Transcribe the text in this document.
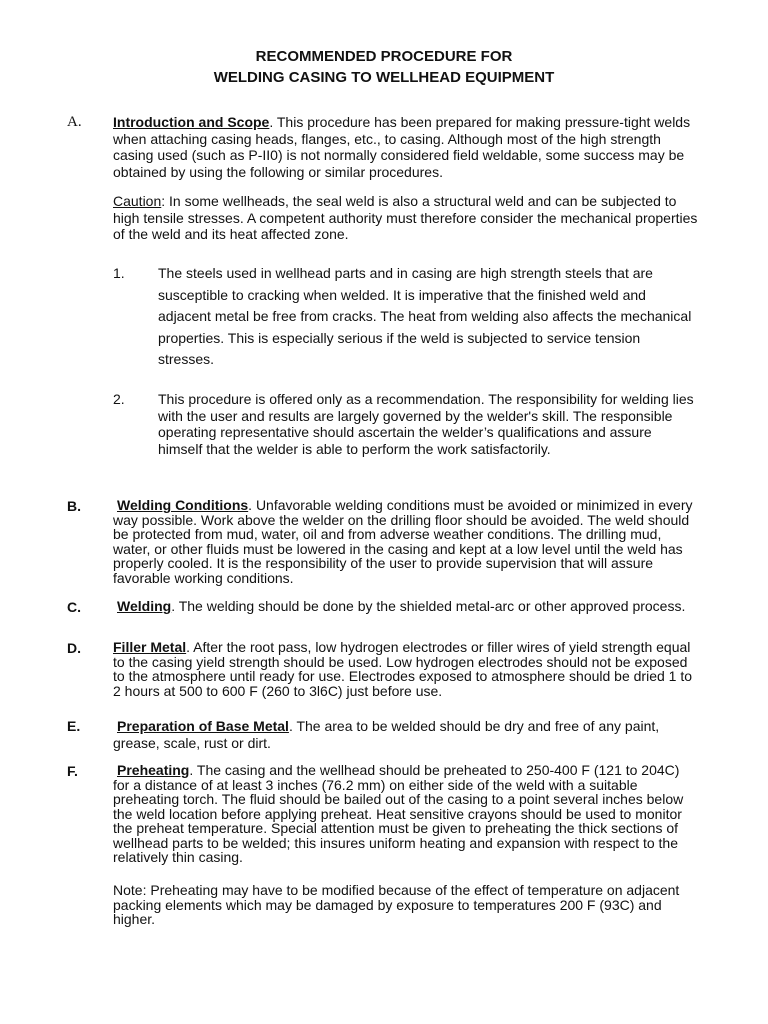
RECOMMENDED PROCEDURE FOR
WELDING CASING TO WELLHEAD EQUIPMENT
A. Introduction and Scope. This procedure has been prepared for making pressure-tight welds when attaching casing heads, flanges, etc., to casing. Although most of the high strength casing used (such as P-II0) is not normally considered field weldable, some success may be obtained by using the following or similar procedures.
Caution: In some wellheads, the seal weld is also a structural weld and can be subjected to high tensile stresses. A competent authority must therefore consider the mechanical properties of the weld and its heat affected zone.
1. The steels used in wellhead parts and in casing are high strength steels that are susceptible to cracking when welded. It is imperative that the finished weld and adjacent metal be free from cracks. The heat from welding also affects the mechanical properties. This is especially serious if the weld is subjected to service tension stresses.
2. This procedure is offered only as a recommendation. The responsibility for welding lies with the user and results are largely governed by the welder's skill. The responsible operating representative should ascertain the welder’s qualifications and assure himself that the welder is able to perform the work satisfactorily.
B.	Welding Conditions. Unfavorable welding conditions must be avoided or minimized in every way possible. Work above the welder on the drilling floor should be avoided. The weld should be protected from mud, water, oil and from adverse weather conditions. The drilling mud, water, or other fluids must be lowered in the casing and kept at a low level until the weld has properly cooled. It is the responsibility of the user to provide supervision that will assure favorable working conditions.
C.	Welding. The welding should be done by the shielded metal-arc or other approved process.
D. Filler Metal. After the root pass, low hydrogen electrodes or filler wires of yield strength equal to the casing yield strength should be used. Low hydrogen electrodes should not be exposed to the atmosphere until ready for use. Electrodes exposed to atmosphere should be dried 1 to 2 hours at 500 to 600 F (260 to 3l6C) just before use.
E.	Preparation of Base Metal. The area to be welded should be dry and free of any paint, grease, scale, rust or dirt.
F.	Preheating. The casing and the wellhead should be preheated to 250-400 F (121 to 204C) for a distance of at least 3 inches (76.2 mm) on either side of the weld with a suitable preheating torch. The fluid should be bailed out of the casing to a point several inches below the weld location before applying preheat. Heat sensitive crayons should be used to monitor the preheat temperature. Special attention must be given to preheating the thick sections of wellhead parts to be welded; this insures uniform heating and expansion with respect to the relatively thin casing.
Note: Preheating may have to be modified because of the effect of temperature on adjacent packing elements which may be damaged by exposure to temperatures 200 F (93C) and higher.
